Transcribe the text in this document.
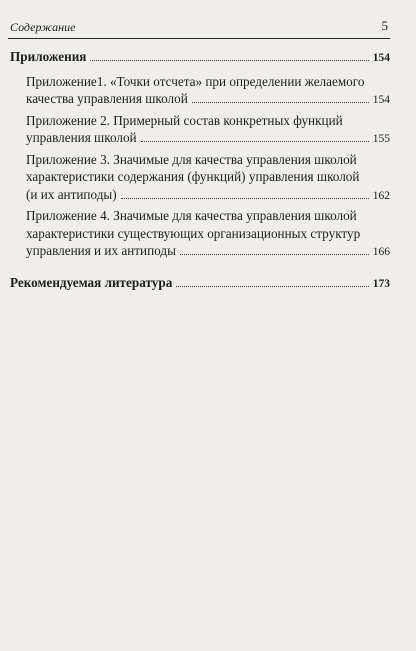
Содержание	5
Приложения	154
Приложение1. «Точки отсчета» при определении желаемого
качества управления школой	154
Приложение 2. Примерный состав конкретных функций
управления школой	155
Приложение 3. Значимые для качества управления школой
характеристики содержания (функций) управления школой
(и их антиподы)	162
Приложение 4. Значимые для качества управления школой
характеристики существующих организационных структур
управления и их антиподы	166
Рекомендуемая литература	173
